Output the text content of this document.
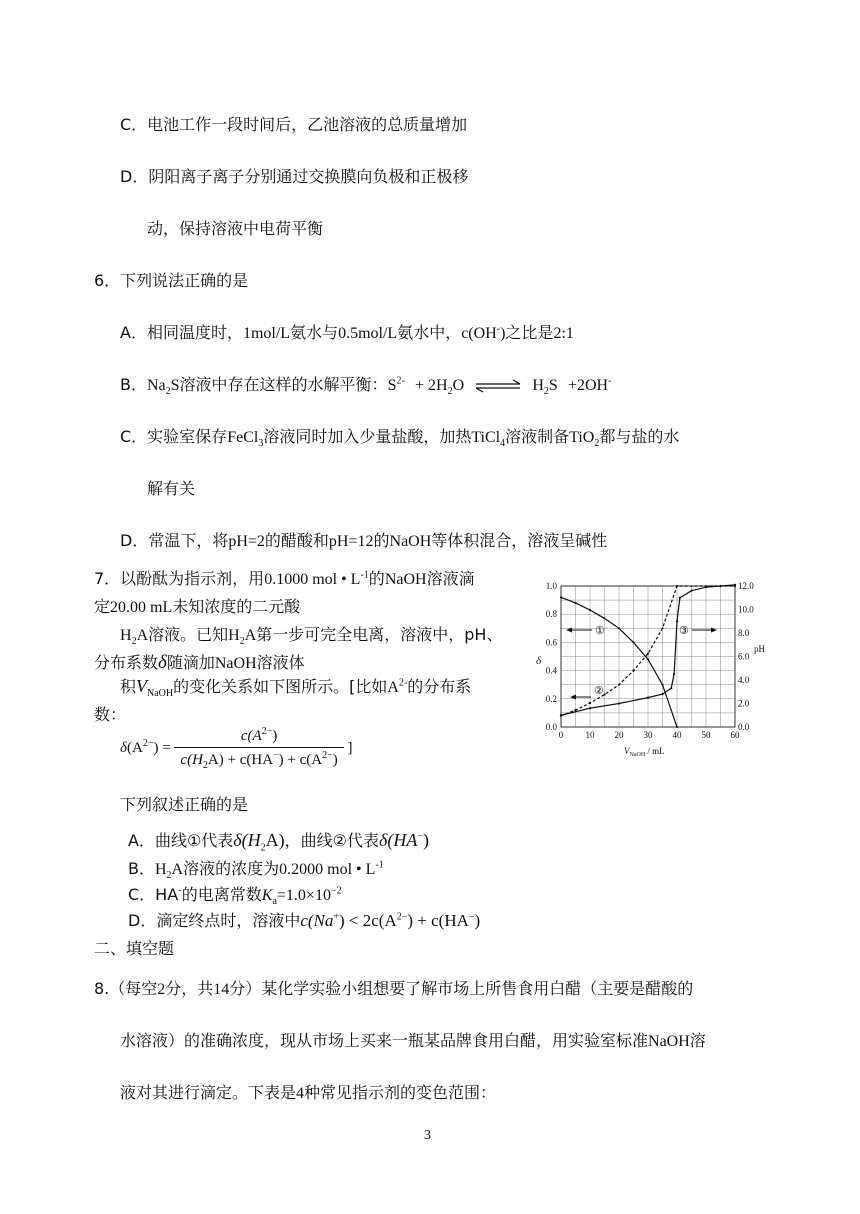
C．电池工作一段时间后，乙池溶液的总质量增加
D．阴阳离子离子分别通过交换膜向负极和正极移
动，保持溶液中电荷平衡
6．下列说法正确的是
A．相同温度时，1mol/L氨水与0.5mol/L氨水中，c(OH-)之比是2:1
B．$Na_2S$溶液中存在这样的水解平衡：$S^{2-} + 2H_2O$ ⇌ $H_2S +2OH^-$
C．实验室保存FeCl$_3$溶液同时加入少量盐酸，加热TiCl$_4$溶液制备TiO$_2$都与盐的水
解有关
D．常温下，将pH=2的醋酸和pH=12的NaOH等体积混合，溶液呈碱性
7．以酚酞为指示剂，用0.1000 mol • $L^{-1}$的NaOH溶液滴
定20.00 mL未知浓度的二元酸
$H_2A$溶液。已知$H_2A$第一步可完全电离，溶液中，pH、
分布系数δ随滴加NaOH溶液体
积$V_{NaOH}$的变化关系如下图所示。[比如$A^{2-}$的分布系
数：
$\delta(A^{2-}) = \frac{c(A^{2-})}{c(H_2A) + c(HA^-) + c(A^{2-})}$ ]
下列叙述正确的是
A．曲线①代表$\delta(H_2A)$，曲线②代表δ(HA−)
B．$H_2A$溶液的浓度为0.2000 mol • $L^{-1}$
C．HA-的电离常数$K_a=1.0\times 10^{-2}$
D．滴定终点时，溶液中$c(Na^+) < 2c(A^{2-}) + c(HA^-)$
二、填空题
8.（每空2分，共14分）某化学实验小组想要了解市场上所售食用白醋（主要是醋酸的
水溶液）的准确浓度，现从市场上买来一瓶某品牌食用白醋，用实验室标准NaOH溶
液对其进行滴定。下表是4种常见指示剂的变色范围：
3
0 10 20 30 40 50 60
0.0
0.2
0.4
0.6
0.8
1.0
0.0
2.0
4.0
6.0
8.0
10.0
12.0
δ
pH
$V_{NaOH}$ / mL
①
②
③
